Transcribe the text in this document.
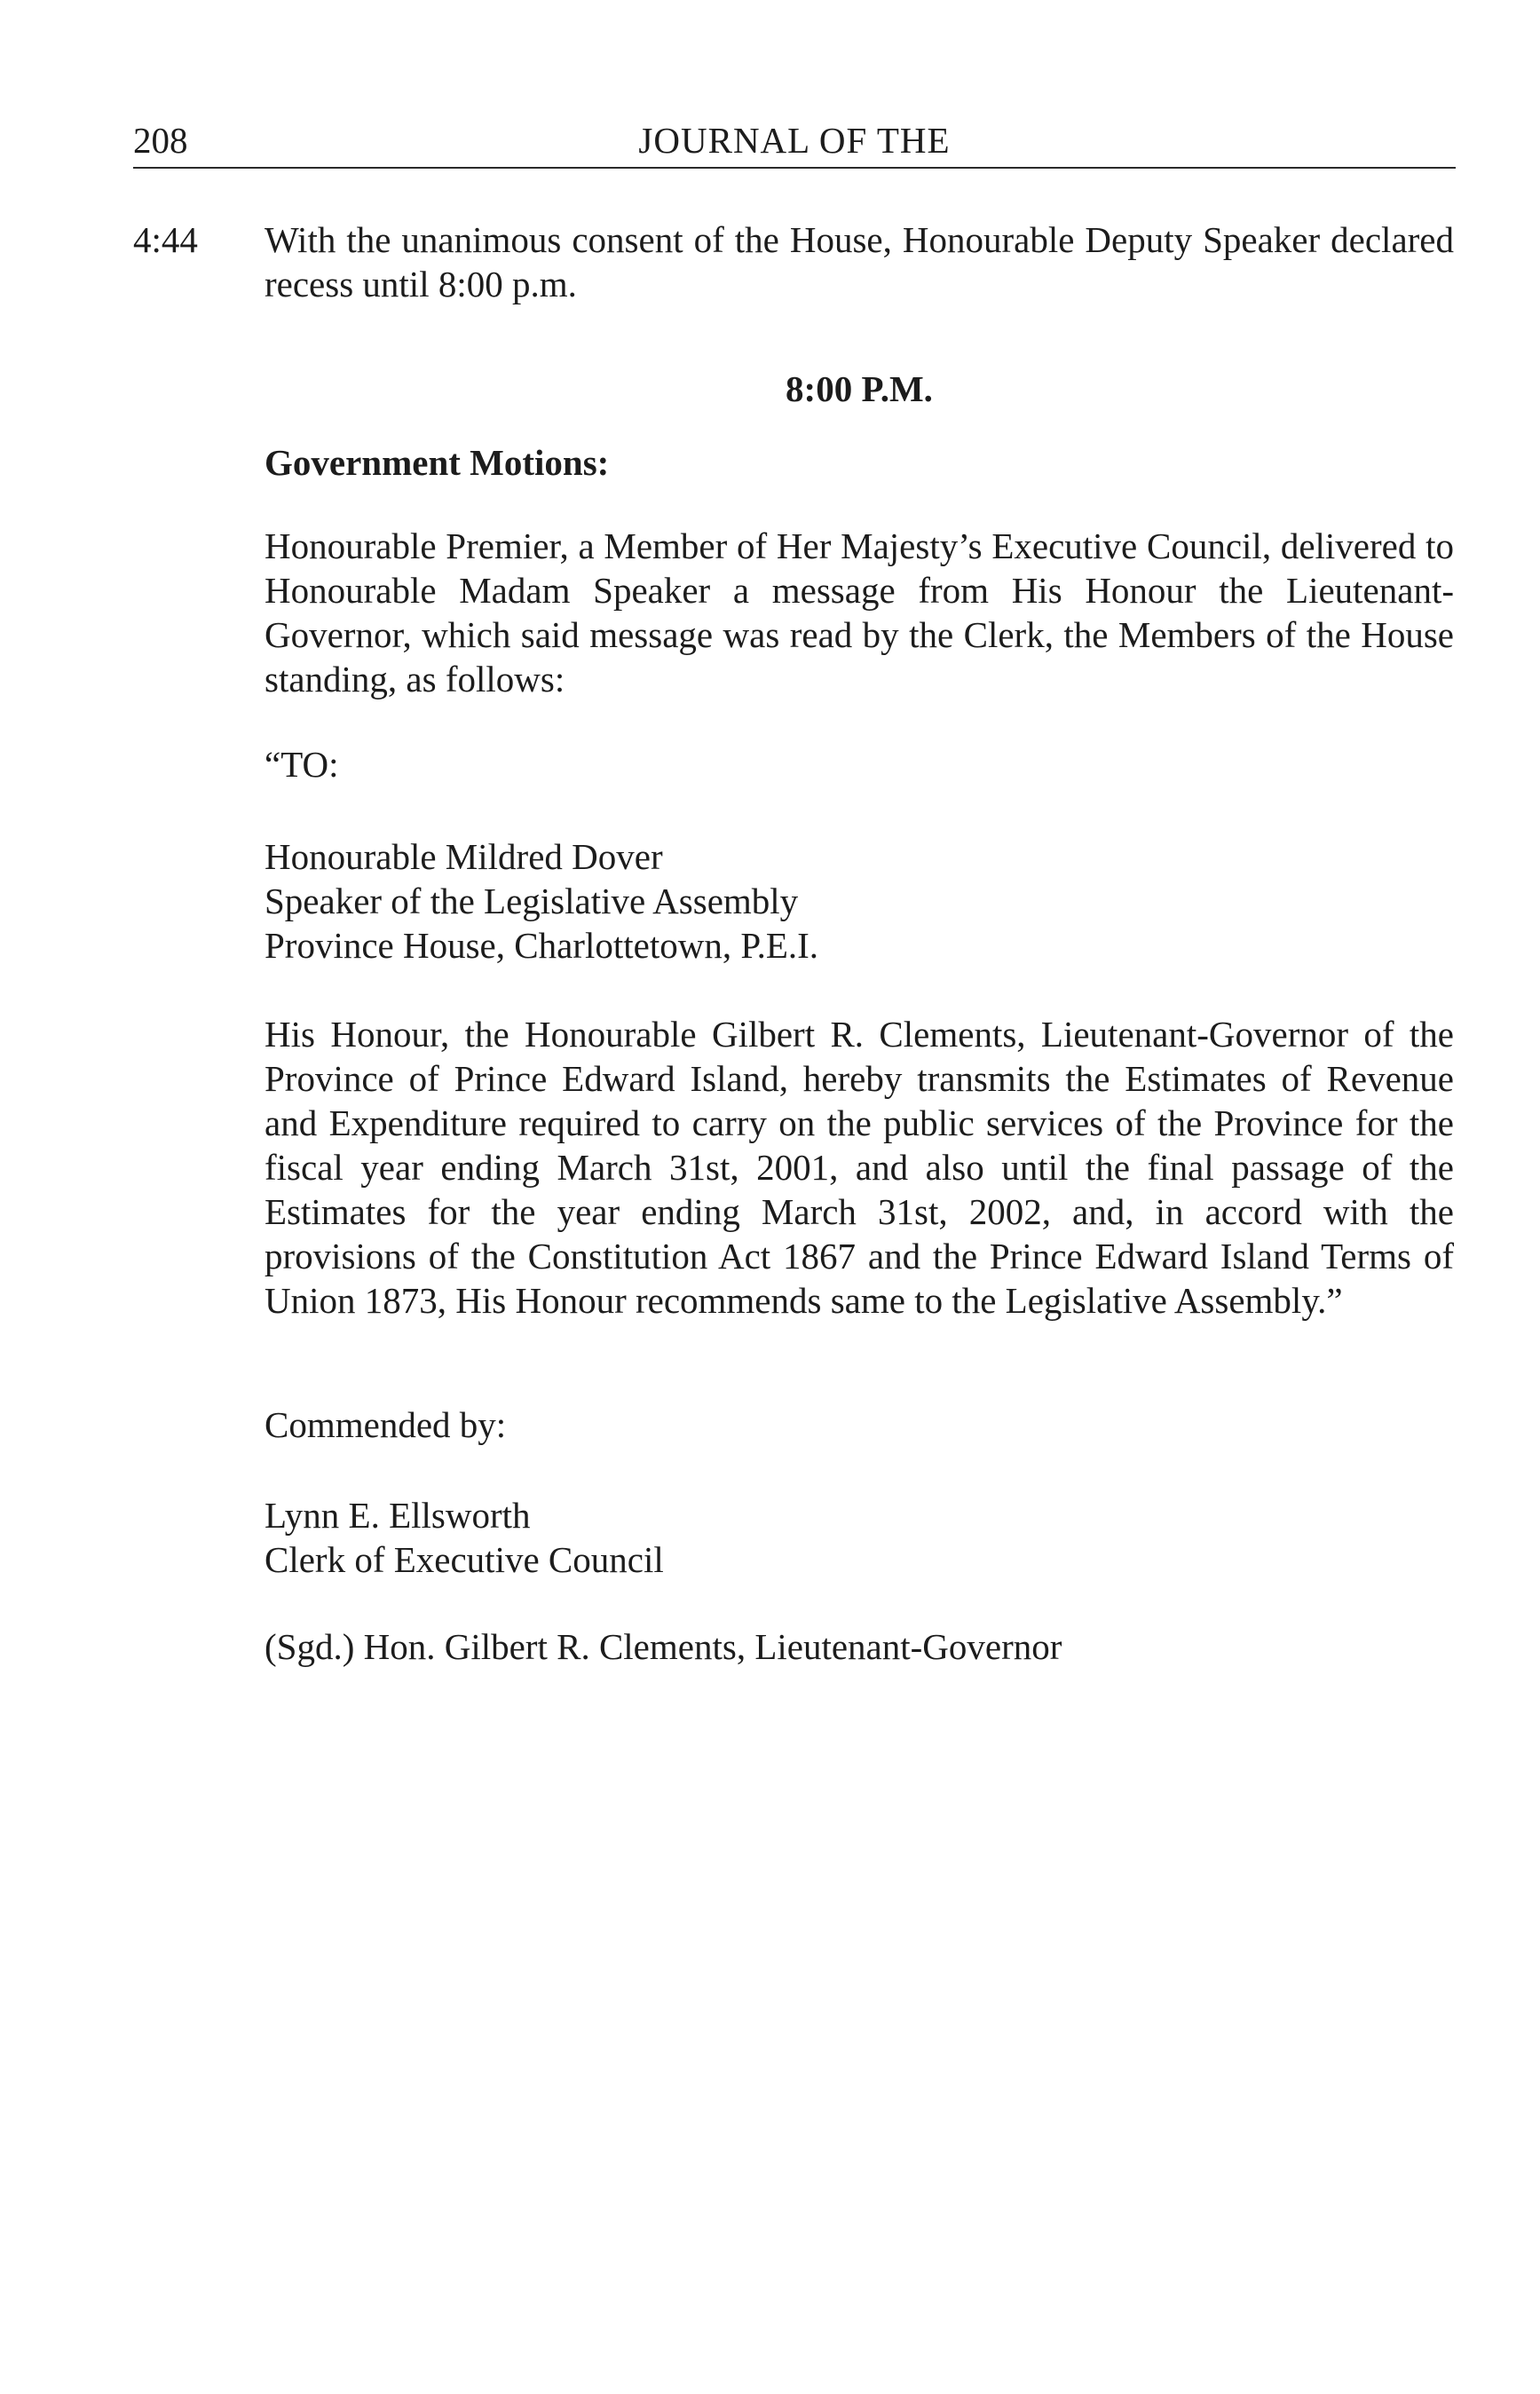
208	JOURNAL OF THE
4:44 With the unanimous consent of the House, Honourable Deputy Speaker declared recess until 8:00 p.m.

8:00 P.M.
Government Motions:

Honourable Premier, a Member of Her Majesty’s Executive Council, delivered to Honourable Madam Speaker a message from His Honour the Lieutenant-Governor, which said message was read by the Clerk, the Members of the House standing, as follows:

“TO:

Honourable Mildred Dover
Speaker of the Legislative Assembly
Province House, Charlottetown, P.E.I.

His Honour, the Honourable Gilbert R. Clements, Lieutenant-Governor of the Province of Prince Edward Island, hereby transmits the Estimates of Revenue and Expenditure required to carry on the public services of the Province for the fiscal year ending March 31st, 2001, and also until the final passage of the Estimates for the year ending March 31st, 2002, and, in accord with the provisions of the Constitution Act 1867 and the Prince Edward Island Terms of Union 1873, His Honour recommends same to the Legislative Assembly.”

Commended by:

Lynn E. Ellsworth
Clerk of Executive Council

(Sgd.) Hon. Gilbert R. Clements, Lieutenant-Governor
